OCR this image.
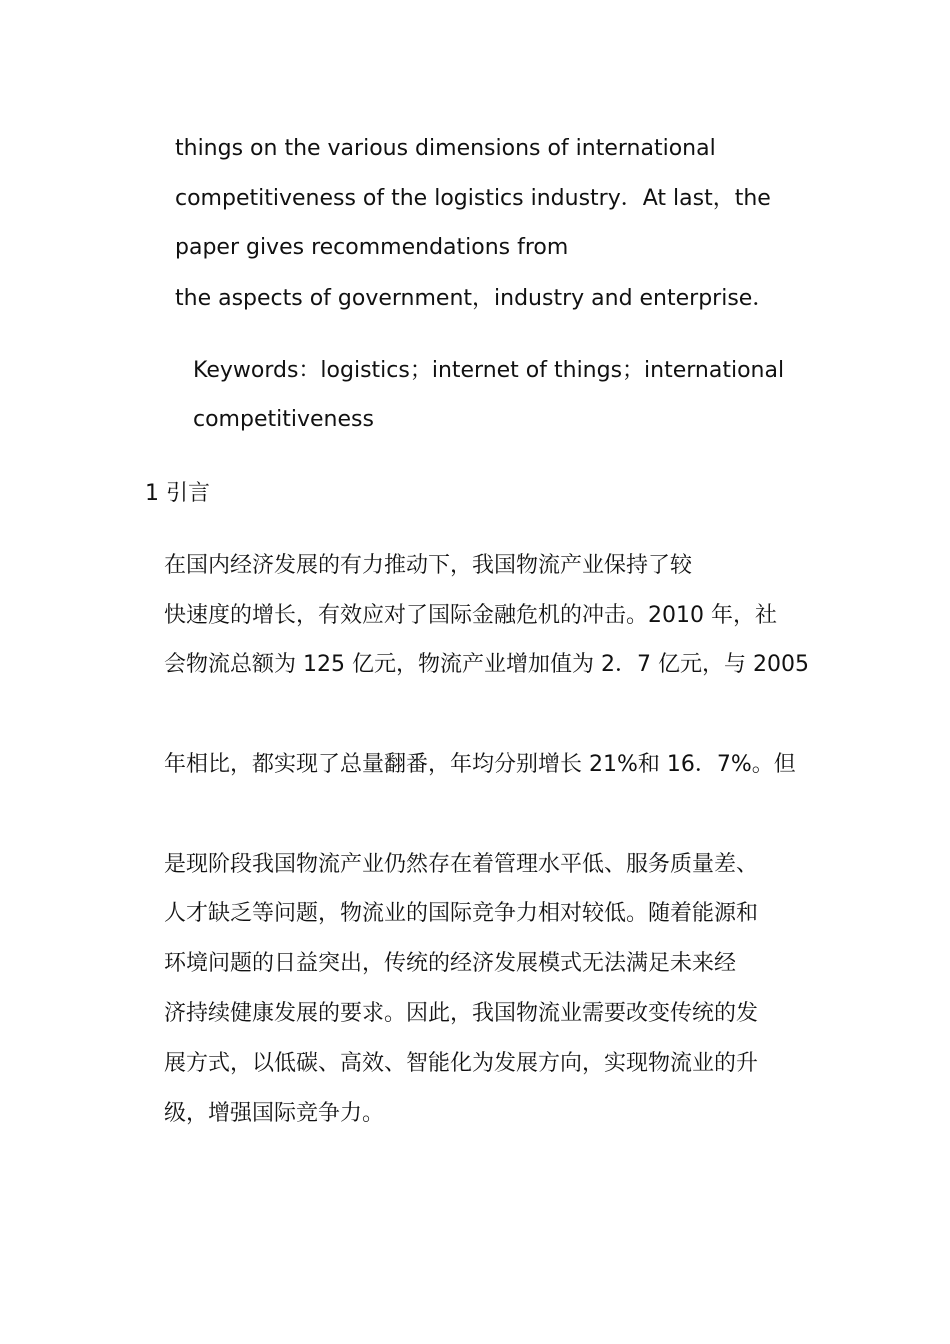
things on the various dimensions of international

competitiveness of the logistics industry．At last，the

paper gives recommendations from

the aspects of government，industry and enterprise．

Keywords：logistics；internet of things；international

competitiveness

1 引言

在国内经济发展的有力推动下，我国物流产业保持了较

快速度的增长，有效应对了国际金融危机的冲击。2010 年，社

会物流总额为 125 亿元，物流产业增加值为 2．7 亿元，与 2005

年相比，都实现了总量翻番，年均分别增长 21%和 16．7%。但

是现阶段我国物流产业仍然存在着管理水平低、服务质量差、

人才缺乏等问题，物流业的国际竞争力相对较低。随着能源和

环境问题的日益突出，传统的经济发展模式无法满足未来经

济持续健康发展的要求。因此，我国物流业需要改变传统的发

展方式，以低碳、高效、智能化为发展方向，实现物流业的升

级，增强国际竞争力。
